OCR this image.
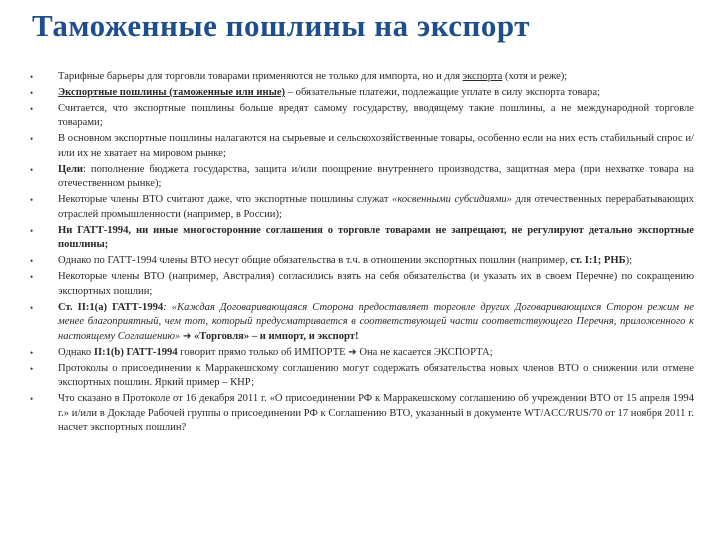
Таможенные пошлины на экспорт
•	Тарифные барьеры для торговли товарами применяются не только для импорта, но и для экспорта (хотя и реже);
•	Экспортные пошлины (таможенные или иные) – обязательные платежи, подлежащие уплате в силу экспорта товара;
•	Считается, что экспортные пошлины больше вредят самому государству, вводящему такие пошлины, а не международной торговле товарами;
•	В основном экспортные пошлины налагаются на сырьевые и сельскохозяйственные товары, особенно если на них есть стабильный спрос и/или их не хватает на мировом рынке;
•	Цели: пополнение бюджета государства, защита и/или поощрение внутреннего производства, защитная мера (при нехватке товара на отечественном рынке);
•	Некоторые члены ВТО считают даже, что экспортные пошлины служат «косвенными субсидиями» для отечественных перерабатывающих отраслей промышленности (например, в России);
•	Ни ГАТТ-1994, ни иные многосторонние соглашения о торговле товарами не запрещают, не регулируют детально экспортные пошлины;
•	Однако по ГАТТ-1994 члены ВТО несут общие обязательства в т.ч. в отношении экспортных пошлин (например, ст. I:1; РНБ);
•	Некоторые члены ВТО (например, Австралия) согласились взять на себя обязательства (и указать их в своем Перечне) по сокращению экспортных пошлин;
•	Ст. II:1(a) ГАТТ-1994: «Каждая Договаривающаяся Сторона предоставляет торговле других Договаривающихся Сторон режим не менее благоприятный, чем тот, который предусматривается в соответствующей части соответствующего Перечня, приложенного к настоящему Соглашению» ➔ «Торговля» – и импорт, и экспорт!
•	Однако II:1(b) ГАТТ-1994 говорит прямо только об ИМПОРТЕ ➔ Она не касается ЭКСПОРТА;
•	Протоколы о присоединении к Марракешскому соглашению могут содержать обязательства новых членов ВТО о снижении или отмене экспортных пошлин. Яркий пример – КНР;
•	Что сказано в Протоколе от 16 декабря 2011 г. «О присоединении РФ к Марракешскому соглашению об учреждении ВТО от 15 апреля 1994 г.» и/или в Докладе Рабочей группы о присоединении РФ к Соглашению ВТО, указанный в документе WT/ACC/RUS/70 от 17 ноября 2011 г. насчет экспортных пошлин?
